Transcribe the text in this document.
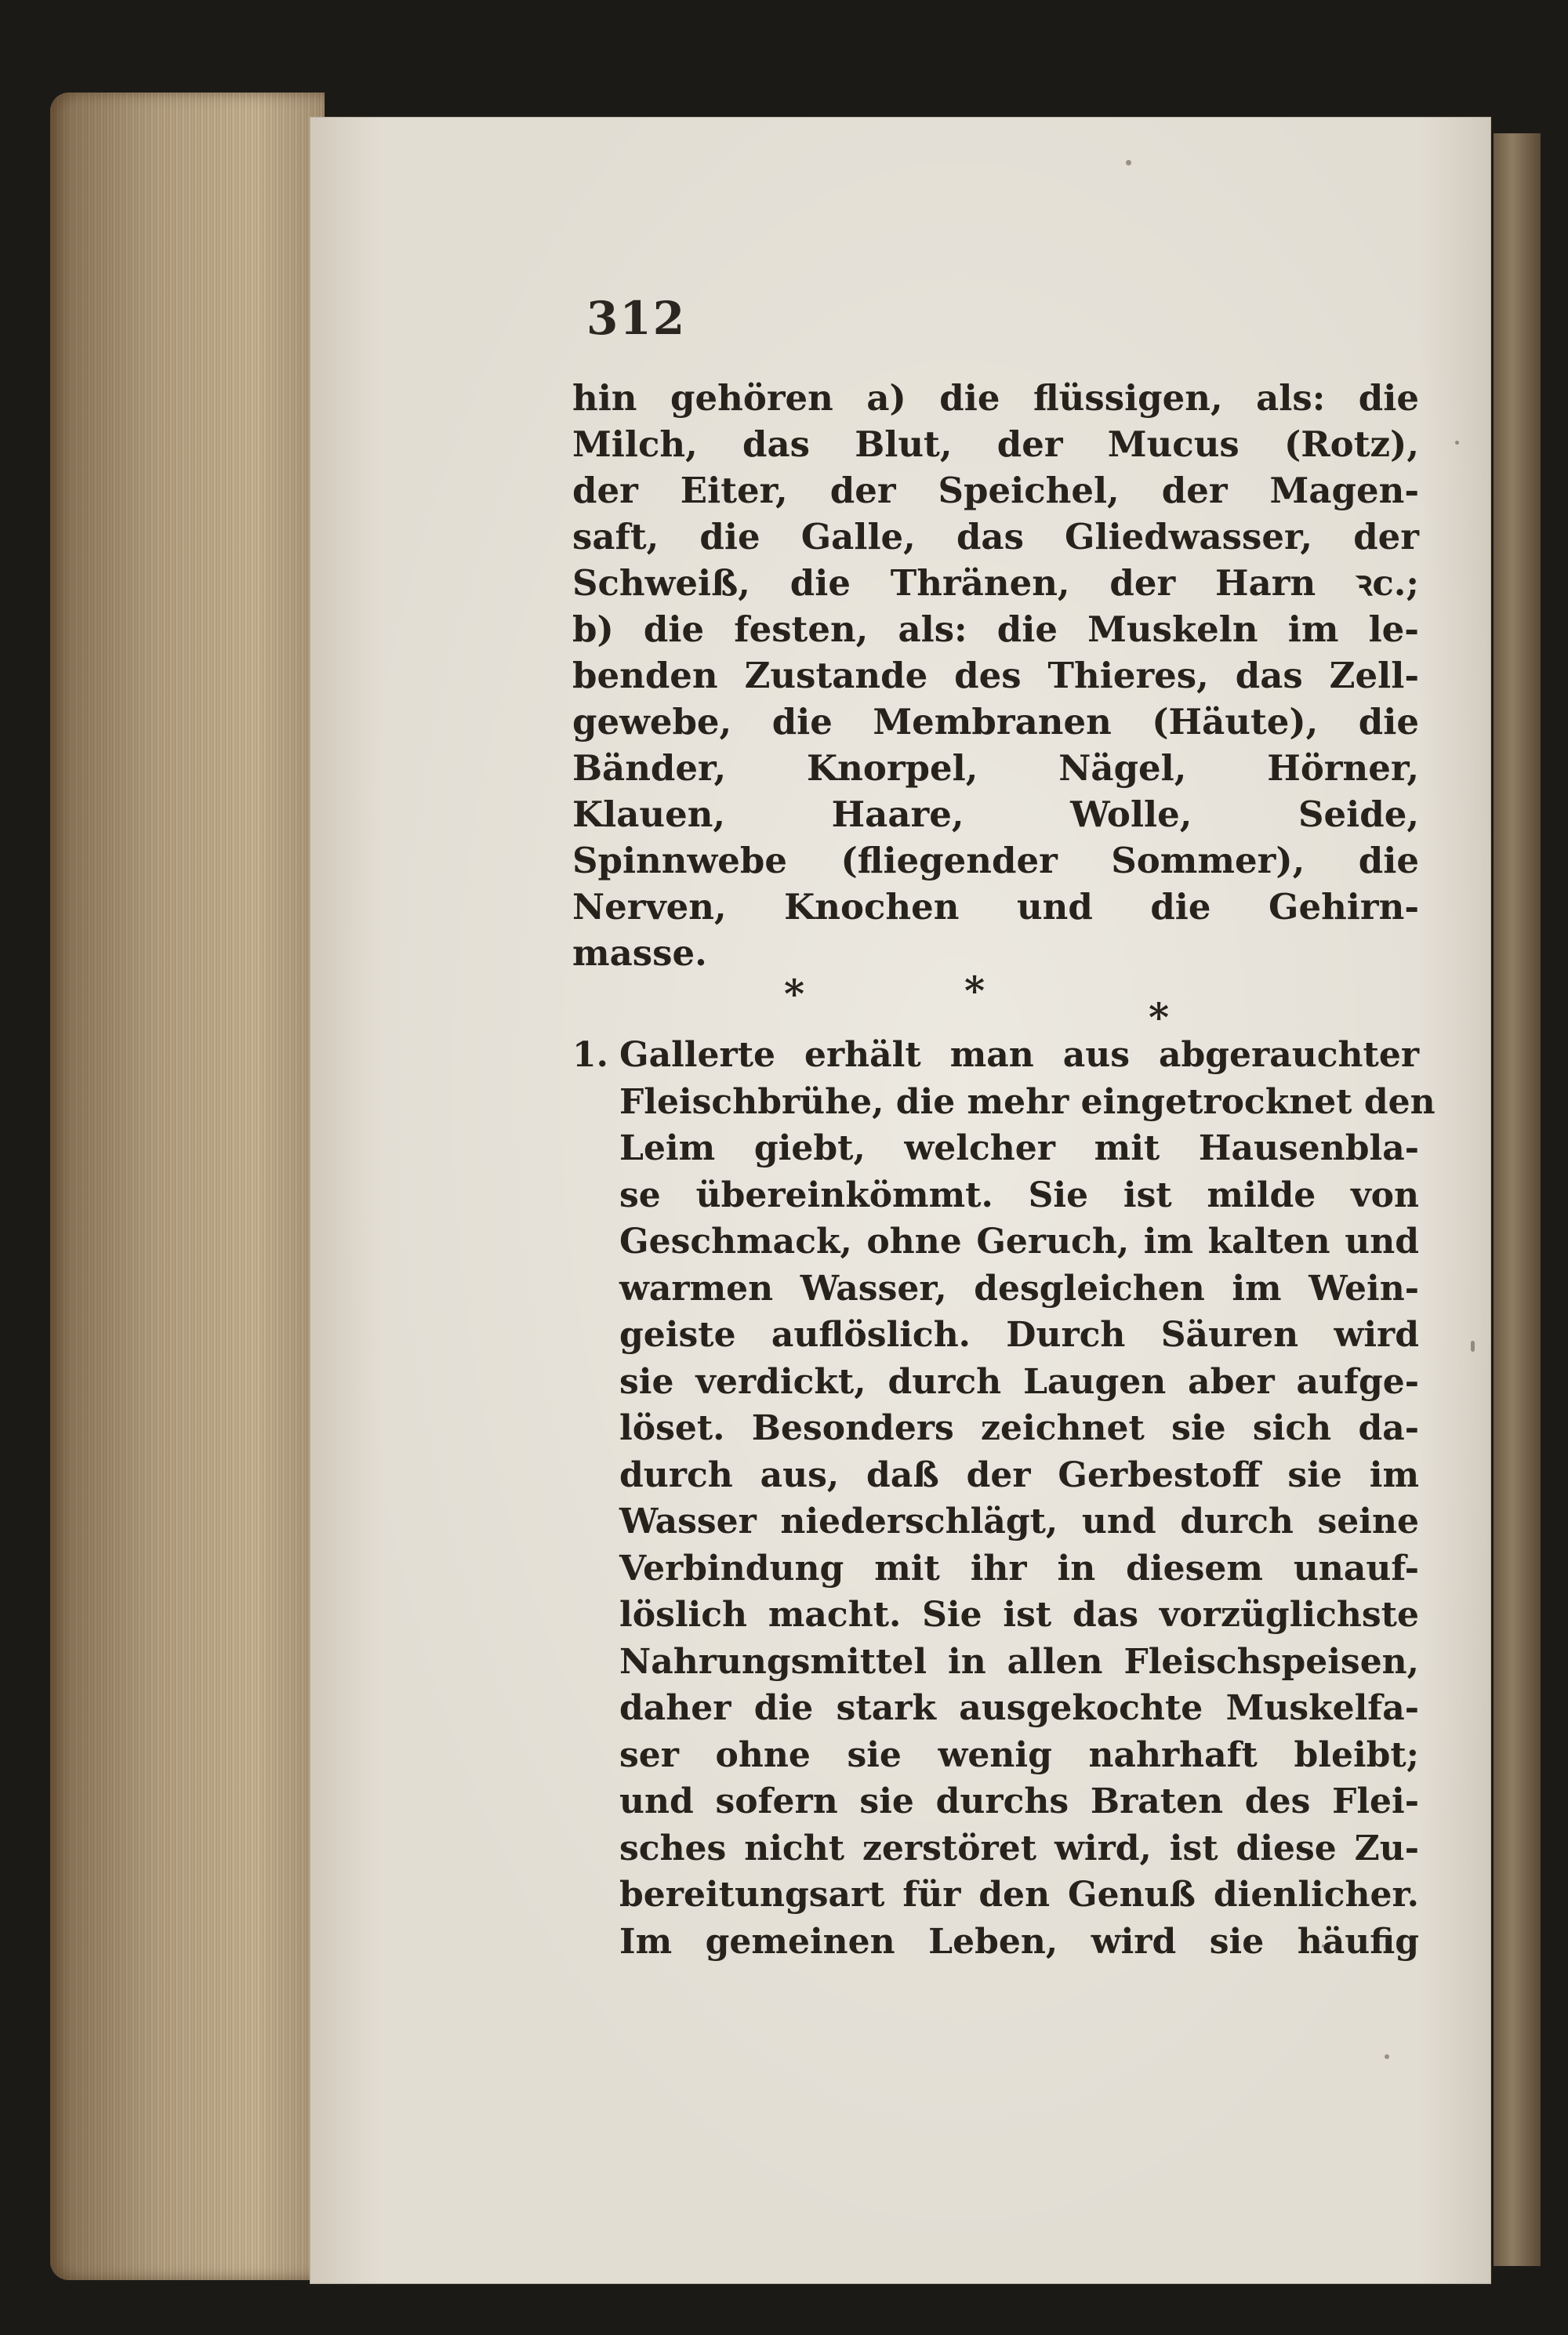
312
hin gehören a) die flüssigen, als: die
Milch, das Blut, der Mucus (Rotz),
der Eiter, der Speichel, der Magen-
saft, die Galle, das Gliedwasser, der
Schweiß, die Thränen, der Harn ꝛc.;
b) die festen, als: die Muskeln im le-
benden Zustande des Thieres, das Zell-
gewebe, die Membranen (Häute), die
Bänder, Knorpel, Nägel, Hörner,
Klauen, Haare, Wolle, Seide,
Spinnwebe (fliegender Sommer), die
Nerven, Knochen und die Gehirn-
masse.
*	*
*
1. Gallerte erhält man aus abgerauchter
Fleischbrühe, die mehr eingetrocknet den
Leim giebt, welcher mit Hausenbla-
se übereinkömmt. Sie ist milde von
Geschmack, ohne Geruch, im kalten und
warmen Wasser, desgleichen im Wein-
geiste auflöslich. Durch Säuren wird
sie verdickt, durch Laugen aber aufge-
löset. Besonders zeichnet sie sich da-
durch aus, daß der Gerbestoff sie im
Wasser niederschlägt, und durch seine
Verbindung mit ihr in diesem unauf-
löslich macht. Sie ist das vorzüglichste
Nahrungsmittel in allen Fleischspeisen,
daher die stark ausgekochte Muskelfa-
ser ohne sie wenig nahrhaft bleibt;
und sofern sie durchs Braten des Flei-
sches nicht zerstöret wird, ist diese Zu-
bereitungsart für den Genuß dienlicher.
Im gemeinen Leben, wird sie häufig
